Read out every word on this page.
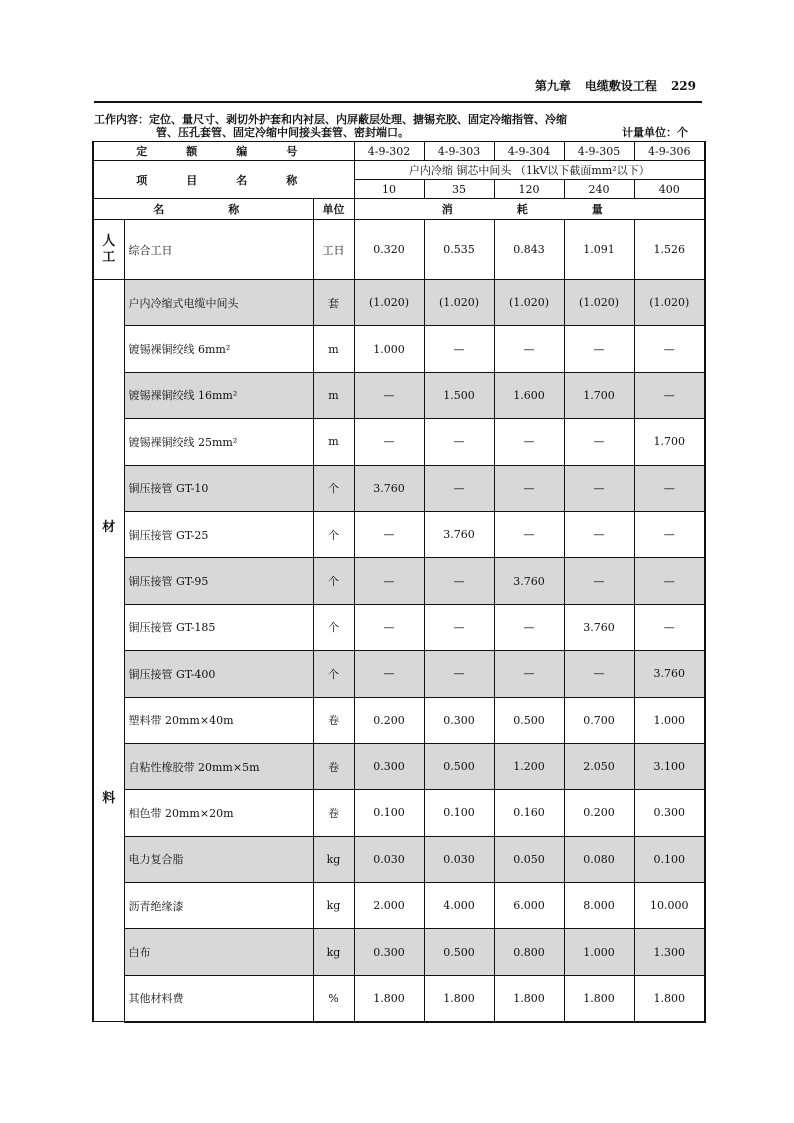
第九章 电缆敷设工程 229
工作内容：定位、量尺寸、剥切外护套和内衬层、内屏蔽层处理、搪锡充胶、固定冷缩指管、冷缩
管、压孔套管、固定冷缩中间接头套管、密封端口。	计量单位：个
定　额　编　号			4-9-302	4-9-303	4-9-304	4-9-305	4-9-306
项　目　名　称			户内冷缩 铜芯中间头 （1kV以下截面mm²以下）				
			10	35	120	240	400
名　　称		单位	消　　耗　　量				

人工	综合工日	工日	0.320	0.535	0.843	1.091	1.526

材
料	户内冷缩式电缆中间头	套	(1.020)	(1.020)	(1.020)	(1.020)	(1.020)
	镀锡裸铜绞线 6mm²	m	1.000	—	—	—	—
	镀锡裸铜绞线 16mm²	m	—	1.500	1.600	1.700	—
	镀锡裸铜绞线 25mm²	m	—	—	—	—	1.700
	铜压接管 GT-10	个	3.760	—	—	—	—
	铜压接管 GT-25	个	—	3.760	—	—	—
	铜压接管 GT-95	个	—	—	3.760	—	—
	铜压接管 GT-185	个	—	—	—	3.760	—
	铜压接管 GT-400	个	—	—	—	—	3.760
	塑料带 20mm×40m	卷	0.200	0.300	0.500	0.700	1.000
	自粘性橡胶带 20mm×5m	卷	0.300	0.500	1.200	2.050	3.100
	相色带 20mm×20m	卷	0.100	0.100	0.160	0.200	0.300
	电力复合脂	kg	0.030	0.030	0.050	0.080	0.100
	沥青绝缘漆	kg	2.000	4.000	6.000	8.000	10.000
	白布	kg	0.300	0.500	0.800	1.000	1.300
	其他材料费	%	1.800	1.800	1.800	1.800	1.800
